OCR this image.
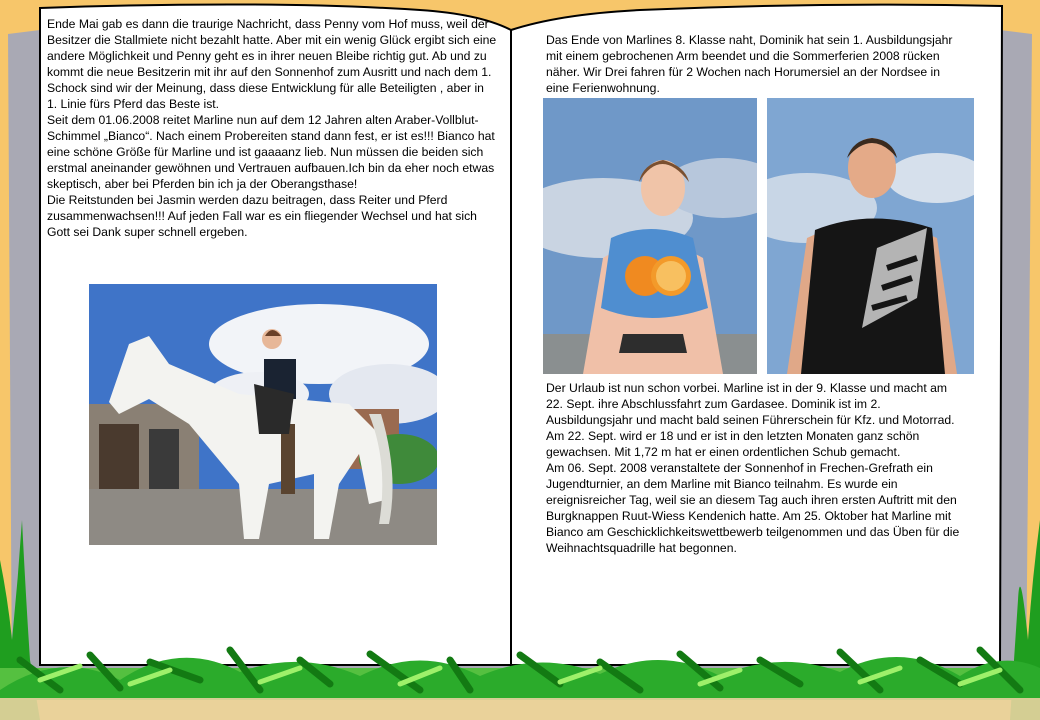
Ende Mai gab es dann die traurige Nachricht, dass Penny vom Hof muss, weil der Besitzer die Stallmiete nicht bezahlt hatte. Aber mit ein wenig Glück ergibt sich eine andere Möglichkeit und Penny geht es in ihrer neuen Bleibe richtig gut. Ab und zu kommt die neue Besitzerin mit ihr auf den Sonnenhof zum Ausritt und nach dem 1. Schock sind wir der Meinung, dass diese Entwicklung für alle Beteiligten , aber in 1. Linie fürs Pferd das Beste ist.
Seit dem 01.06.2008 reitet Marline nun auf dem 12 Jahren alten Araber-Vollblut-Schimmel „Bianco“. Nach einem Probereiten stand dann fest, er ist es!!! Bianco hat eine schöne Größe für Marline und ist gaaaanz lieb. Nun müssen die beiden sich erstmal aneinander gewöhnen und Vertrauen aufbauen.Ich bin da eher noch etwas skeptisch, aber bei Pferden bin ich ja der Oberangsthase!
Die Reitstunden bei Jasmin werden dazu beitragen, dass Reiter und Pferd zusammenwachsen!!! Auf jeden Fall war es ein fliegender Wechsel und hat sich Gott sei Dank super schnell ergeben.

Das Ende von Marlines 8. Klasse naht, Dominik hat sein 1. Ausbildungsjahr mit einem gebrochenen Arm beendet und die Sommerferien 2008 rücken näher. Wir Drei fahren für 2 Wochen nach Horumersiel an der Nordsee in eine Ferienwohnung.

Der Urlaub ist nun schon vorbei. Marline ist in der 9. Klasse und macht am 22. Sept. ihre Abschlussfahrt zum Gardasee. Dominik ist im 2. Ausbildungsjahr und macht bald seinen Führerschein für Kfz. und Motorrad. Am 22. Sept. wird er 18 und er ist in den letzten Monaten ganz schön gewachsen. Mit 1,72 m hat er einen ordentlichen Schub gemacht.
Am 06. Sept. 2008 veranstaltete der Sonnenhof in Frechen-Grefrath ein Jugendturnier, an dem Marline mit Bianco teilnahm. Es wurde ein ereignisreicher Tag, weil sie an diesem Tag auch ihren ersten Auftritt mit den Burgknappen Ruut-Wiess Kendenich hatte. Am 25. Oktober hat Marline mit Bianco am Geschicklichkeitswettbewerb teilgenommen und das Üben für die Weihnachtsquadrille hat begonnen.
